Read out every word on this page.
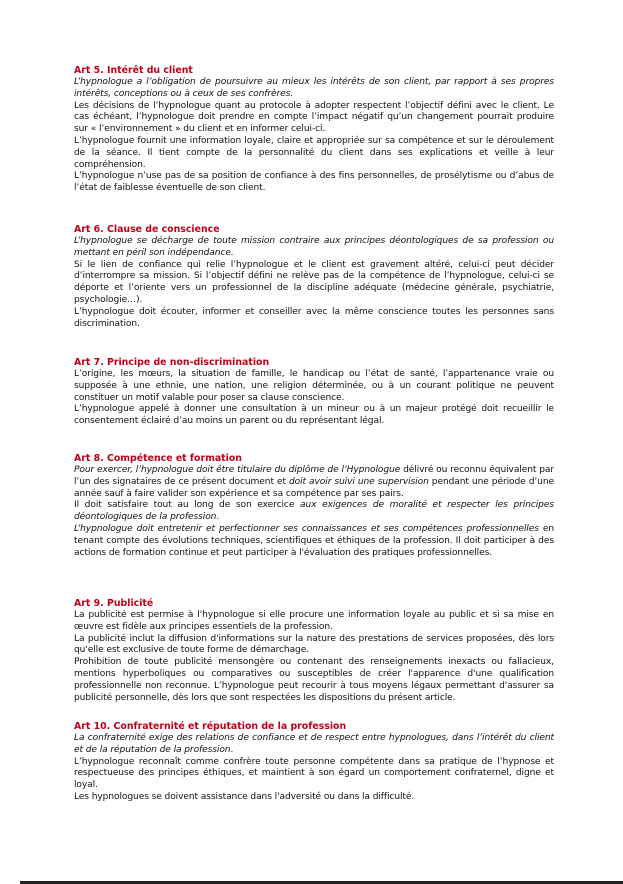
Art 5. Intérêt du client

L’hypnologue a l’obligation de poursuivre au mieux les intérêts de son client, par rapport à ses propres intérêts, conceptions ou à ceux de ses confrères.

Les décisions de l’hypnologue quant au protocole à adopter respectent l’objectif défini avec le client. Le cas échéant, l’hypnologue doit prendre en compte l’impact négatif qu’un changement pourrait produire sur « l’environnement » du client et en informer celui-ci.

L’hypnologue fournit une information loyale, claire et appropriée sur sa compétence et sur le déroulement de la séance. Il tient compte de la personnalité du client dans ses explications et veille à leur compréhension.

L’hypnologue n’use pas de sa position de confiance à des fins personnelles, de prosélytisme ou d’abus de l’état de faiblesse éventuelle de son client.

Art 6. Clause de conscience

L’hypnologue se décharge de toute mission contraire aux principes déontologiques de sa profession ou mettant en péril son indépendance.

Si le lien de confiance qui relie l’hypnologue et le client est gravement altéré, celui-ci peut décider d’interrompre sa mission. Si l’objectif défini ne relève pas de la compétence de l’hypnologue, celui-ci se déporte et l’oriente vers un professionnel de la discipline adéquate (médecine générale, psychiatrie, psychologie…).

L’hypnologue doit écouter, informer et conseiller avec la même conscience toutes les personnes sans discrimination.

Art 7. Principe de non-discrimination

L’origine, les mœurs, la situation de famille, le handicap ou l’état de santé, l’appartenance vraie ou supposée à une ethnie, une nation, une religion déterminée, ou à un courant politique ne peuvent constituer un motif valable pour poser sa clause conscience.

L’hypnologue appelé à donner une consultation à un mineur ou à un majeur protégé doit recueillir le consentement éclairé d’au moins un parent ou du représentant légal.

Art 8. Compétence et formation

Pour exercer, l’hypnologue doit être titulaire du diplôme de l’Hypnologue délivré ou reconnu équivalent par l’un des signataires de ce présent document et doit avoir suivi une supervision pendant une période d’une année sauf à faire valider son expérience et sa compétence par ses pairs.

Il doit satisfaire tout au long de son exercice aux exigences de moralité et respecter les principes déontologiques de la profession.

L’hypnologue doit entretenir et perfectionner ses connaissances et ses compétences professionnelles en tenant compte des évolutions techniques, scientifiques et éthiques de la profession. Il doit participer à des actions de formation continue et peut participer à l'évaluation des pratiques professionnelles.

Art 9. Publicité

La publicité est permise à l'hypnologue si elle procure une information loyale au public et si sa mise en œuvre est fidèle aux principes essentiels de la profession.

La publicité inclut la diffusion d'informations sur la nature des prestations de services proposées, dès lors qu'elle est exclusive de toute forme de démarchage.

Prohibition de toute publicité mensongère ou contenant des renseignements inexacts ou fallacieux, mentions hyperboliques ou comparatives ou susceptibles de créer l'apparence d'une qualification professionnelle non reconnue. L’hypnologue peut recourir à tous moyens légaux permettant d'assurer sa publicité personnelle, dès lors que sont respectées les dispositions du présent article.

Art 10. Confraternité et réputation de la profession

La confraternité exige des relations de confiance et de respect entre hypnologues, dans l’intérêt du client et de la réputation de la profession.

L’hypnologue reconnaît comme confrère toute personne compétente dans sa pratique de l’hypnose et respectueuse des principes éthiques, et maintient à son égard un comportement confraternel, digne et loyal.

Les hypnologues se doivent assistance dans l'adversité ou dans la difficulté.
